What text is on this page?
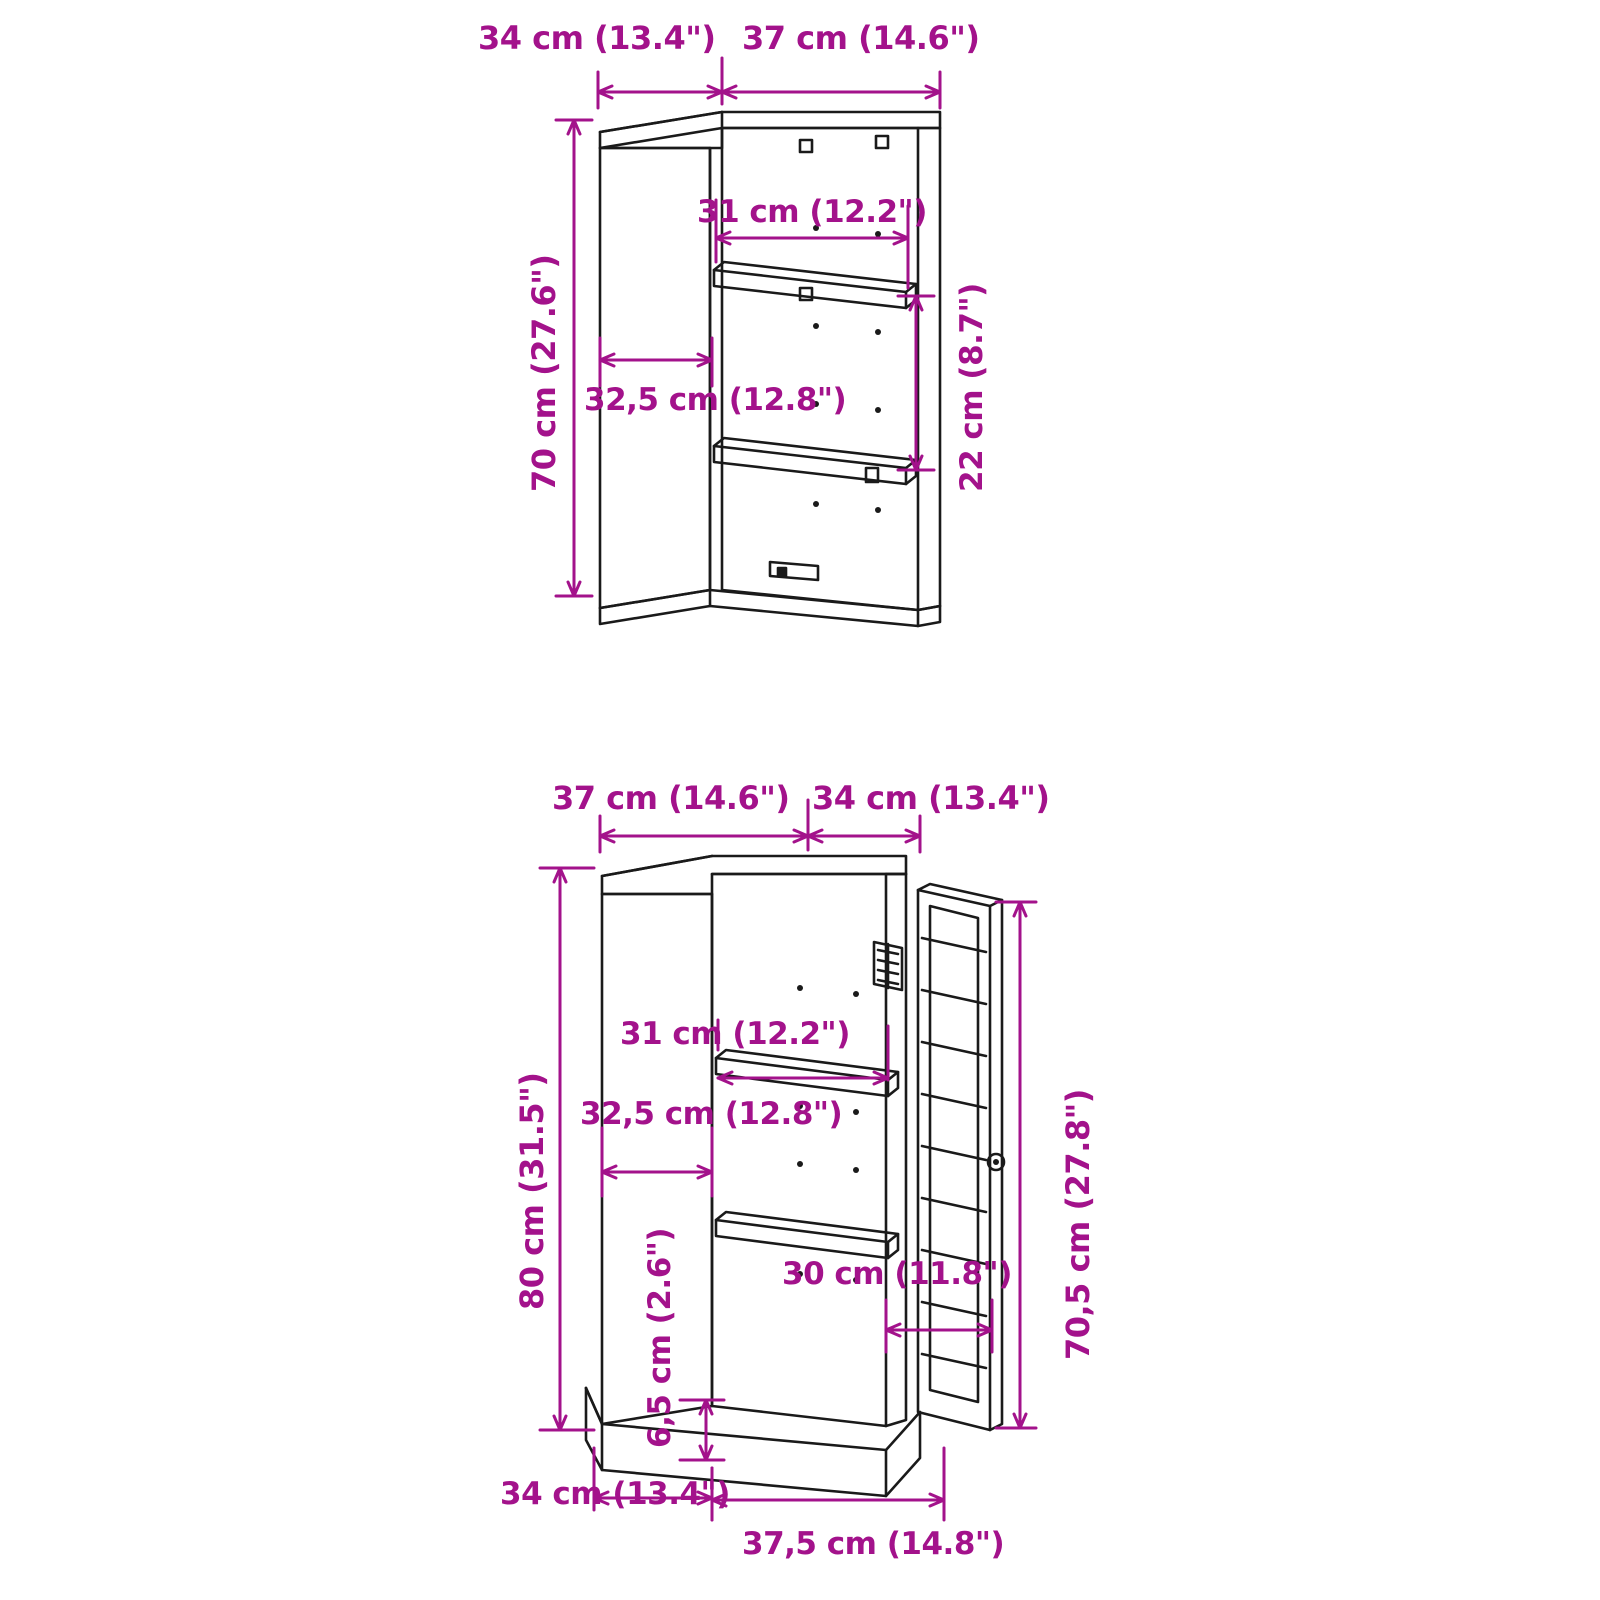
34 cm (13.4") 37 cm (14.6")
70 cm (27.6")
31 cm (12.2")
32,5 cm (12.8")	22 cm (8.7")
37 cm (14.6") 34 cm (13.4")
80 cm (31.5")	70,5 cm (27.8")
31 cm (12.2")
32,5 cm (12.8")
30 cm (11.8")
6,5 cm (2.6")
34 cm (13.4")
37,5 cm (14.8")
